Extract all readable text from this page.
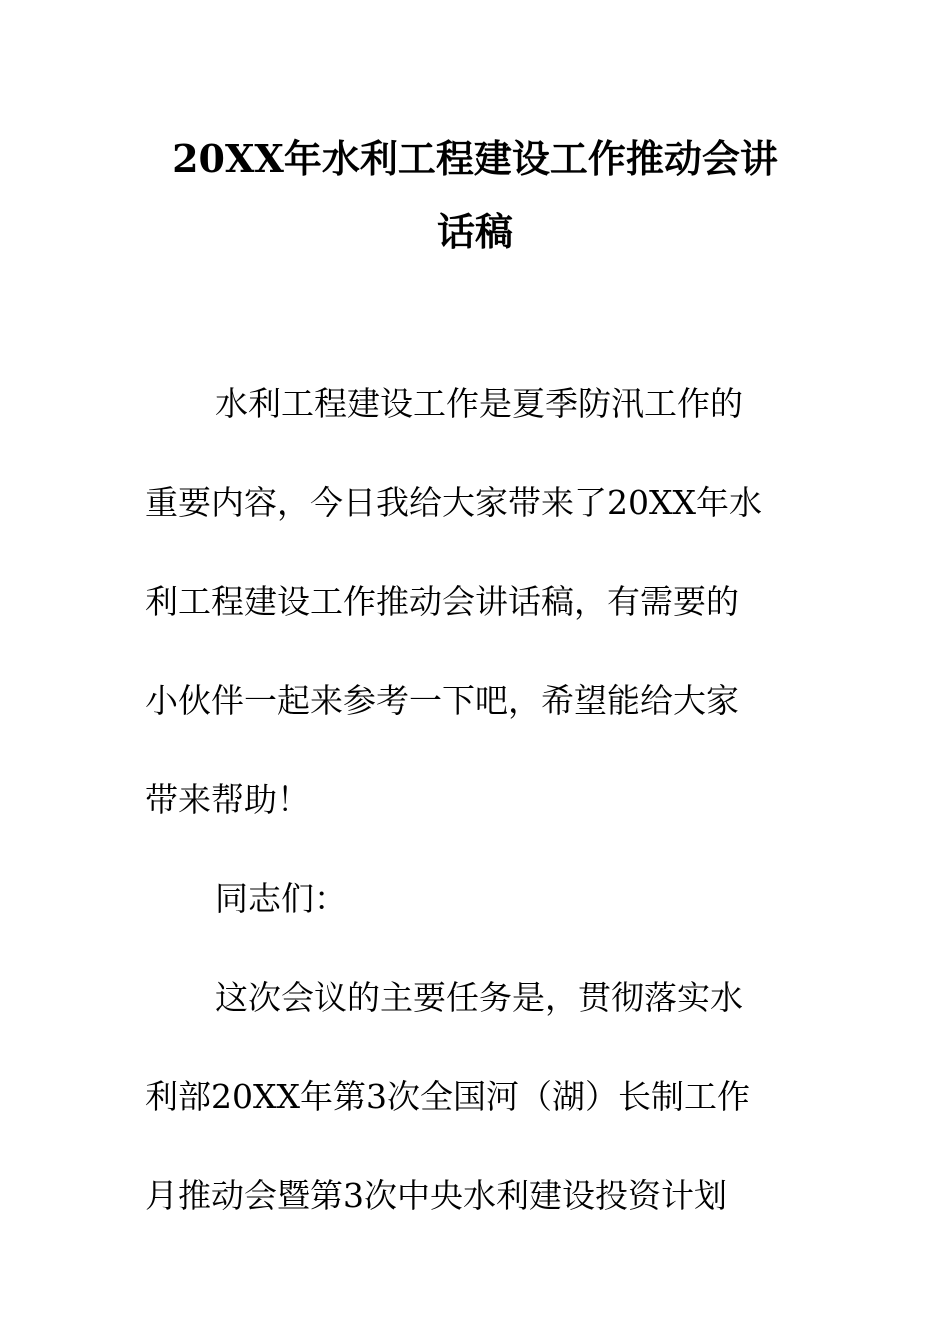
20XX年水利工程建设工作推动会讲
话稿
水利工程建设工作是夏季防汛工作的
重要内容，今日我给大家带来了20XX年水
利工程建设工作推动会讲话稿，有需要的
小伙伴一起来参考一下吧，希望能给大家
带来帮助！
同志们：
这次会议的主要任务是，贯彻落实水
利部20XX年第3次全国河（湖）长制工作
月推动会暨第3次中央水利建设投资计划
